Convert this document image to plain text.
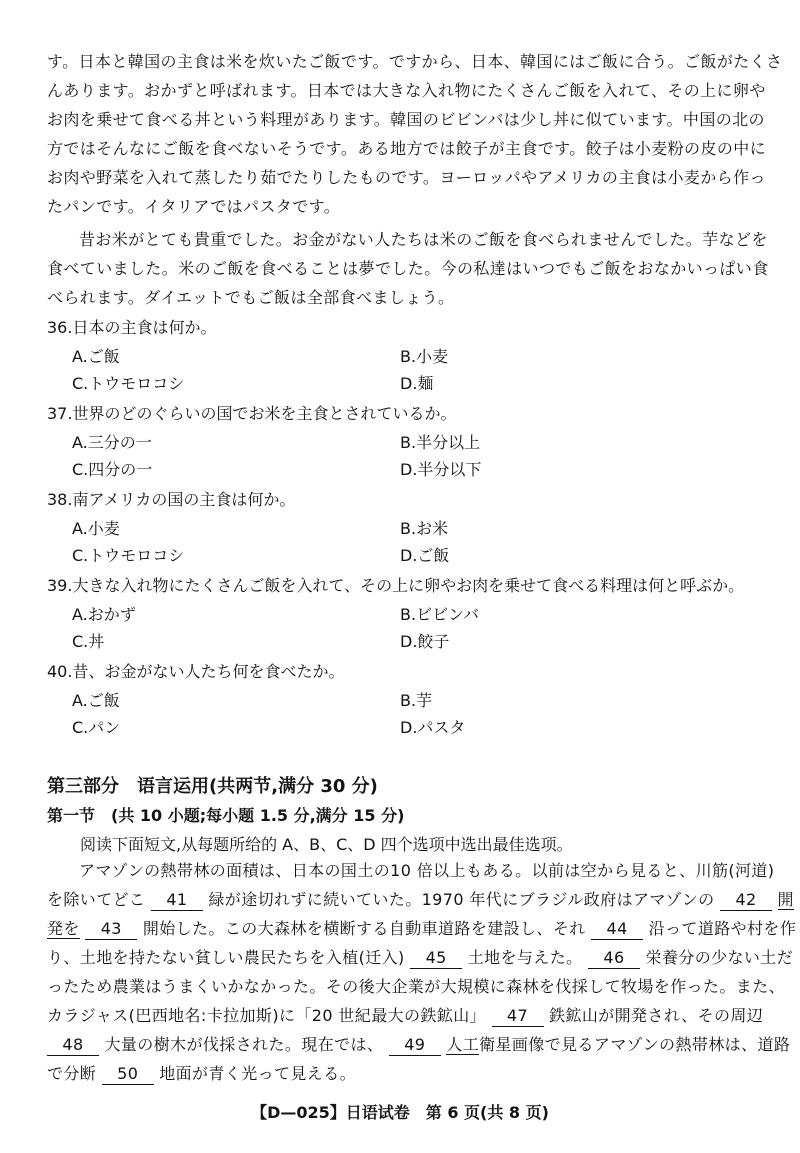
す。日本と韓国の主食は米を炊いたご飯です。ですから、日本、韓国にはご飯に合う。ご飯がたくさ
んあります。おかずと呼ばれます。日本では大きな入れ物にたくさんご飯を入れて、その上に卵や
お肉を乗せて食べる丼という料理があります。韓国のビビンバは少し丼に似ています。中国の北の
方ではそんなにご飯を食べないそうです。ある地方では餃子が主食です。餃子は小麦粉の皮の中に
お肉や野菜を入れて蒸したり茹でたりしたものです。ヨーロッパやアメリカの主食は小麦から作っ
たパンです。イタリアではパスタです。
昔お米がとても貴重でした。お金がない人たちは米のご飯を食べられませんでした。芋などを
食べていました。米のご飯を食べることは夢でした。今の私達はいつでもご飯をおなかいっぱい食
べられます。ダイエットでもご飯は全部食べましょう。
36.日本の主食は何か。
A.ご飯	B.小麦
C.トウモロコシ	D.麺
37.世界のどのぐらいの国でお米を主食とされているか。
A.三分の一	B.半分以上
C.四分の一	D.半分以下
38.南アメリカの国の主食は何か。
A.小麦	B.お米
C.トウモロコシ	D.ご飯
39.大きな入れ物にたくさんご飯を入れて、その上に卵やお肉を乗せて食べる料理は何と呼ぶか。
A.おかず	B.ビビンバ
C.丼	D.餃子
40.昔、お金がない人たち何を食べたか。
A.ご飯	B.芋
C.パン	D.パスタ
第三部分　语言运用(共两节,满分 30 分)
第一节　(共 10 小题;每小题 1.5 分,满分 15 分)
阅读下面短文,从每题所给的 A、B、C、D 四个选项中选出最佳选项。
アマゾンの熱帯林の面積は、日本の国土の10 倍以上もある。以前は空から見ると、川筋(河道)
を除いてどこ 41 緑が途切れずに続いていた。1970 年代にブラジル政府はアマゾンの 42 開
発を 43 開始した。この大森林を横断する自動車道路を建設し、それ 44 沿って道路や村を作
り、土地を持たない貧しい農民たちを入植(迁入) 45 土地を与えた。 46 栄養分の少ない土だ
ったため農業はうまくいかなかった。その後大企業が大規模に森林を伐採して牧場を作った。また、
カラジャス(巴西地名:卡拉加斯)に「20 世紀最大の鉄鉱山」 47 鉄鉱山が開発され、その周辺
48 大量の樹木が伐採された。現在では、 49 人工衛星画像で見るアマゾンの熱帯林は、道路
で分断 50 地面が青く光って見える。
【D—025】日语试卷　第 6 页(共 8 页)
